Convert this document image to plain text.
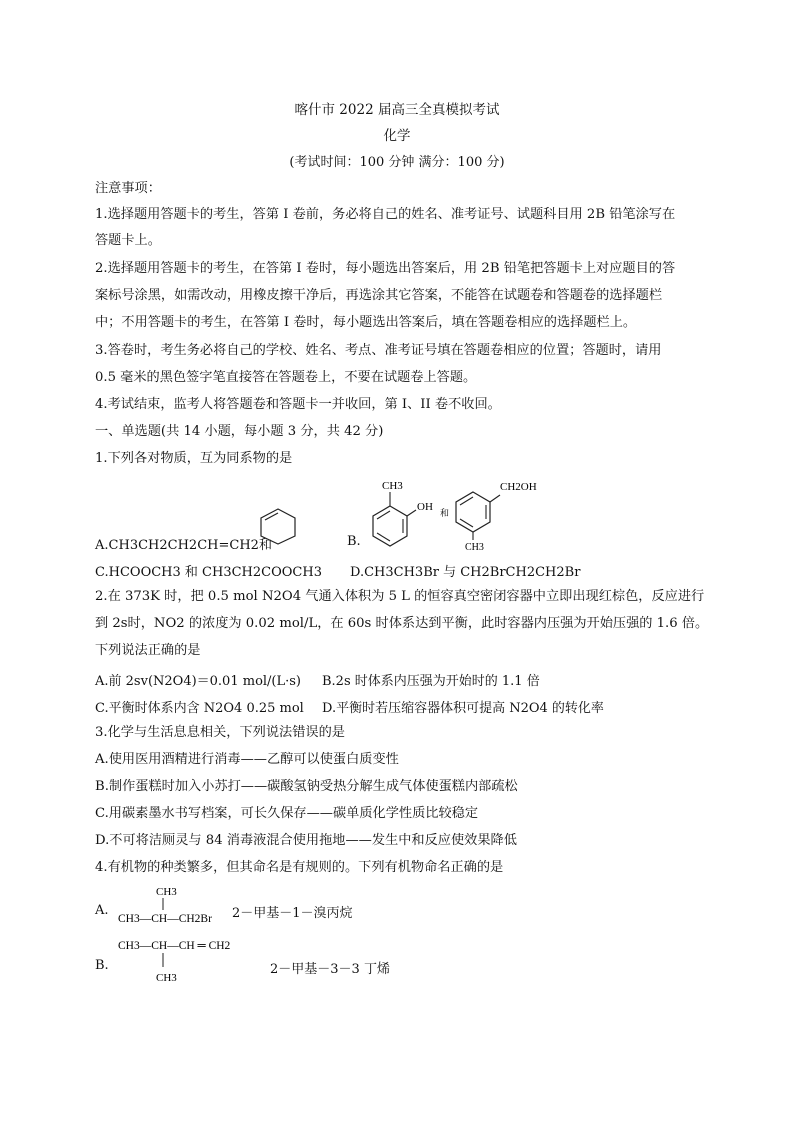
喀什市 2022 届高三全真模拟考试
化学
(考试时间：100 分钟 满分：100 分)
注意事项：
1.选择题用答题卡的考生，答第 I 卷前，务必将自己的姓名、准考证号、试题科目用 2B 铅笔涂写在
答题卡上。
2.选择题用答题卡的考生，在答第 I 卷时，每小题选出答案后，用 2B 铅笔把答题卡上对应题目的答
案标号涂黑，如需改动，用橡皮擦干净后，再选涂其它答案，不能答在试题卷和答题卷的选择题栏
中；不用答题卡的考生，在答第 I 卷时，每小题选出答案后，填在答题卷相应的选择题栏上。
3.答卷时，考生务必将自己的学校、姓名、考点、准考证号填在答题卷相应的位置；答题时，请用
0.5 毫米的黑色签字笔直接答在答题卷上，不要在试题卷上答题。
4.考试结束，监考人将答题卷和答题卡一并收回，第 I、II 卷不收回。
一、单选题(共 14 小题，每小题 3 分，共 42 分)
1.下列各对物质，互为同系物的是
A.CH3CH2CH2CH=CH2和	B.
CH3
OH 和
CH2OH
CH3
C.HCOOCH3 和 CH3CH2COOCH3 D.CH3CH3Br 与 CH2BrCH2CH2Br
2.在 373K 时，把 0.5 mol N2O4 气通入体积为 5 L 的恒容真空密闭容器中立即出现红棕色，反应进行
到 2s时，NO2 的浓度为 0.02 mol/L，在 60s 时体系达到平衡，此时容器内压强为开始压强的 1.6 倍。
下列说法正确的是
A.前 2sv(N2O4)＝0.01 mol/(L·s) B.2s 时体系内压强为开始时的 1.1 倍
C.平衡时体系内含 N2O4 0.25 mol D.平衡时若压缩容器体积可提高 N2O4 的转化率
3.化学与生活息息相关，下列说法错误的是
A.使用医用酒精进行消毒——乙醇可以使蛋白质变性
B.制作蛋糕时加入小苏打——碳酸氢钠受热分解生成气体使蛋糕内部疏松
C.用碳素墨水书写档案，可长久保存——碳单质化学性质比较稳定
D.不可将洁厕灵与 84 消毒液混合使用拖地——发生中和反应使效果降低
4.有机物的种类繁多，但其命名是有规则的。下列有机物命名正确的是
A.
CH3
CH3—CH—CH2Br 2－甲基－1－溴丙烷
B.
CH3—CH—CH ═ CH2
CH3
2－甲基－3－3 丁烯
